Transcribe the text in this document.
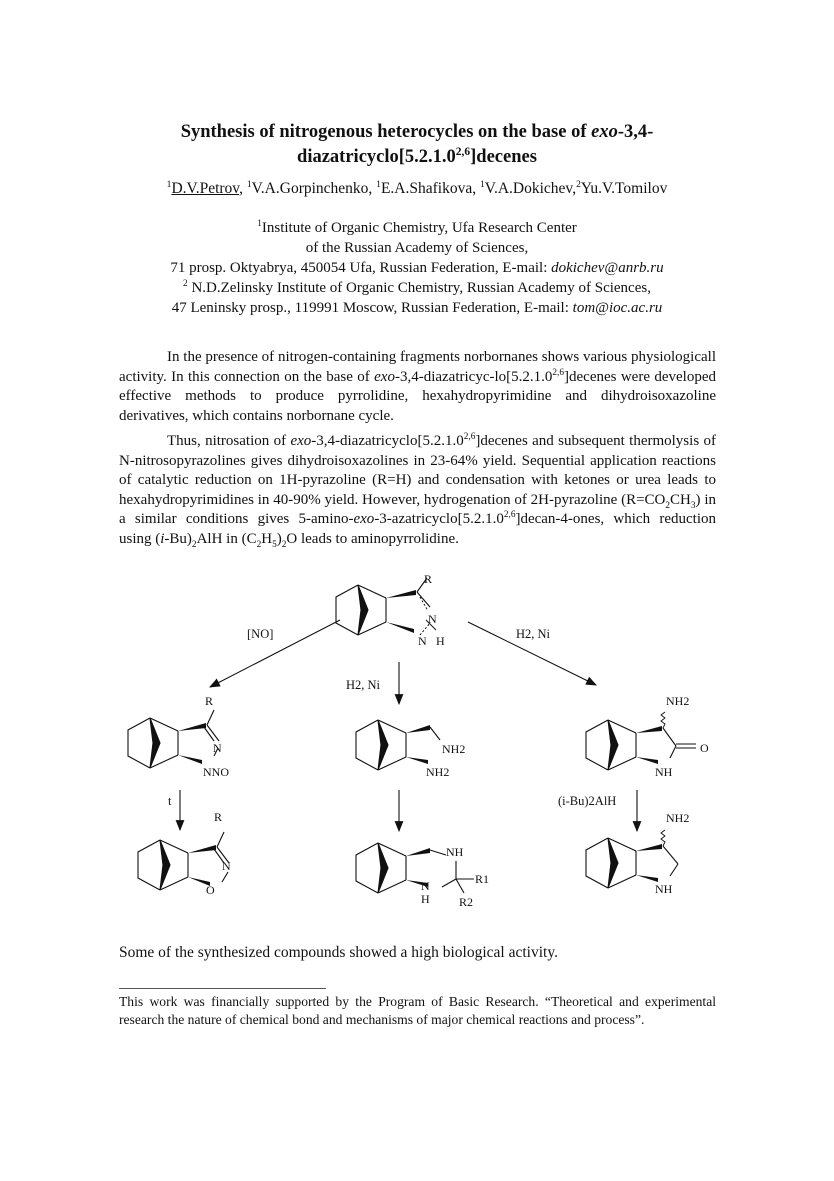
Synthesis of nitrogenous heterocycles on the base of exo-3,4-
diazatricyclo[5.2.1.0$^{2,6}$]decenes
$^1$D.V.Petrov, $^1$V.A.Gorpinchenko, $^1$E.A.Shafikova, $^1$V.A.Dokichev,$^2$Yu.V.Tomilov
$^1$Institute of Organic Chemistry, Ufa Research Center
of the Russian Academy of Sciences,
71 prosp. Oktyabrya, 450054 Ufa, Russian Federation, E-mail: dokichev@anrb.ru
$^2$ N.D.Zelinsky Institute of Organic Chemistry, Russian Academy of Sciences,
47 Leninsky prosp., 119991 Moscow, Russian Federation, E-mail: tom@ioc.ac.ru
In the presence of nitrogen-containing fragments norbornanes shows various physiologicall activity. In this connection on the base of exo-3,4-diazatricyc-lo[5.2.1.0$^{2,6}$]decenes were developed effective methods to produce pyrrolidine, hexahydropyrimidine and dihydroisoxazoline derivatives, which contains norbornane cycle.
Thus, nitrosation of exo-3,4-diazatricyclo[5.2.1.0$^{2,6}$]decenes and subsequent thermolysis of N-nitrosopyrazolines gives dihydroisoxazolines in 23-64% yield. Sequential application reactions of catalytic reduction on 1H-pyrazoline (R=H) and condensation with ketones or urea leads to hexahydropyrimidines in 40-90% yield. However, hydrogenation of 2H-pyrazoline $(R=CO_2CH_3)$ in a similar conditions gives 5-amino-exo-3-azatricyclo[5.2.1.0$^{2,6}$]decan-4-ones, which reduction using $(i-Bu)_2AlH$ in $(C_2H_5)_2O$ leads to aminopyrrolidine.
R
N
N H
[NO]	H2, Ni
H2, Ni
t	(i-Bu)2AlH
R
N
NNO
R
N
O
NH2
NH2
NH
R1
N
H R2
NH2
O
NH
NH2
NH
Some of the synthesized compounds showed a high biological activity.
This work was financially supported by the Program of Basic Research. “Theoretical and experimental research the nature of chemical bond and mechanisms of major chemical reactions and process”.
